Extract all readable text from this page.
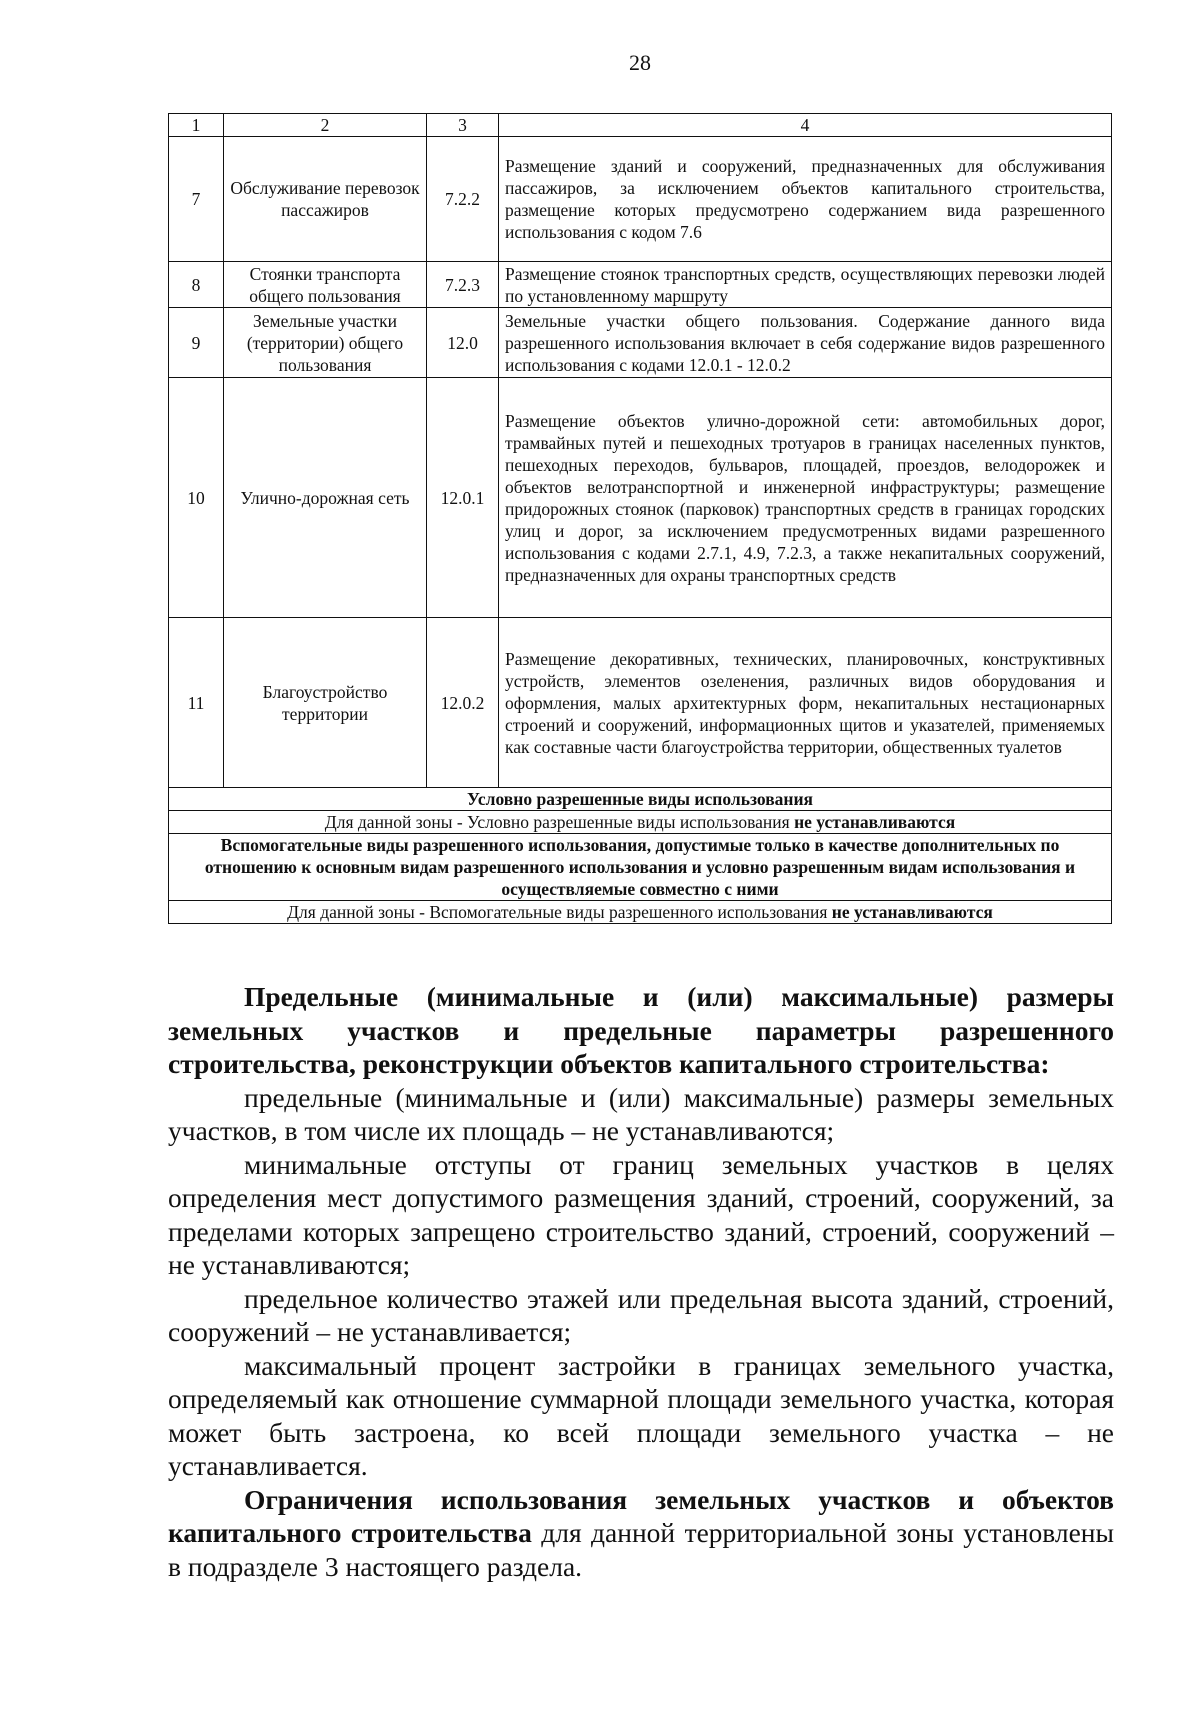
28
1	2	3	4
7	Обслуживание перевозок пассажиров	7.2.2	Размещение зданий и сооружений, предназначенных для обслуживания пассажиров, за исключением объектов капитального строительства, размещение которых предусмотрено содержанием вида разрешенного использования с кодом 7.6
8	Стоянки транспорта общего пользования	7.2.3	Размещение стоянок транспортных средств, осуществляющих перевозки людей по установленному маршруту
9	Земельные участки (территории) общего пользования	12.0	Земельные участки общего пользования. Содержание данного вида разрешенного использования включает в себя содержание видов разрешенного использования с кодами 12.0.1 - 12.0.2
10	Улично-дорожная сеть	12.0.1	Размещение объектов улично-дорожной сети: автомобильных дорог, трамвайных путей и пешеходных тротуаров в границах населенных пунктов, пешеходных переходов, бульваров, площадей, проездов, велодорожек и объектов велотранспортной и инженерной инфраструктуры; размещение придорожных стоянок (парковок) транспортных средств в границах городских улиц и дорог, за исключением предусмотренных видами разрешенного использования с кодами 2.7.1, 4.9, 7.2.3, а также некапитальных сооружений, предназначенных для охраны транспортных средств
11	Благоустройство территории	12.0.2	Размещение декоративных, технических, планировочных, конструктивных устройств, элементов озеленения, различных видов оборудования и оформления, малых архитектурных форм, некапитальных нестационарных строений и сооружений, информационных щитов и указателей, применяемых как составные части благоустройства территории, общественных туалетов
Условно разрешенные виды использования			
Для данной зоны - Условно разрешенные виды использования не устанавливаются			
Вспомогательные виды разрешенного использования, допустимые только в качестве дополнительных по отношению к основным видам разрешенного использования и условно разрешенным видам использования и осуществляемые совместно с ними			
Для данной зоны - Вспомогательные виды разрешенного использования не устанавливаются			

Предельные (минимальные и (или) максимальные) размеры земельных участков и предельные параметры разрешенного строительства, реконструкции объектов капитального строительства:

предельные (минимальные и (или) максимальные) размеры земельных участков, в том числе их площадь – не устанавливаются;

минимальные отступы от границ земельных участков в целях определения мест допустимого размещения зданий, строений, сооружений, за пределами которых запрещено строительство зданий, строений, сооружений – не устанавливаются;

предельное количество этажей или предельная высота зданий, строений, сооружений – не устанавливается;

максимальный процент застройки в границах земельного участка, определяемый как отношение суммарной площади земельного участка, которая может быть застроена, ко всей площади земельного участка – не устанавливается.

Ограничения использования земельных участков и объектов капитального строительства для данной территориальной зоны установлены в подразделе 3 настоящего раздела.
